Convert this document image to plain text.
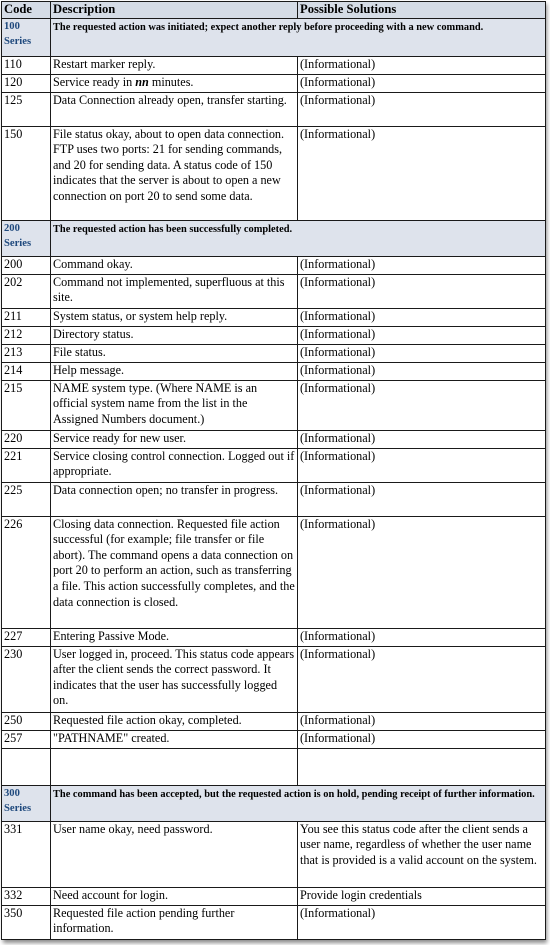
Code	Description	Possible Solutions
100
Series	The requested action was initiated; expect another reply before proceeding with a new command.	
110	Restart marker reply.	(Informational)
120	Service ready in nn minutes.	(Informational)
125	Data Connection already open, transfer starting.	(Informational)
150	File status okay, about to open data connection. FTP uses two ports: 21 for sending commands, and 20 for sending data. A status code of 150 indicates that the server is about to open a new connection on port 20 to send some data.	(Informational)
200
Series	The requested action has been successfully completed.	
200	Command okay.	(Informational)
202	Command not implemented, superfluous at this site.	(Informational)
211	System status, or system help reply.	(Informational)
212	Directory status.	(Informational)
213	File status.	(Informational)
214	Help message.	(Informational)
215	NAME system type. (Where NAME is an official system name from the list in the Assigned Numbers document.)	(Informational)
220	Service ready for new user.	(Informational)
221	Service closing control connection. Logged out if appropriate.	(Informational)
225	Data connection open; no transfer in progress.	(Informational)
226	Closing data connection. Requested file action successful (for example; file transfer or file abort). The command opens a data connection on port 20 to perform an action, such as transferring a file. This action successfully completes, and the data connection is closed.	(Informational)
227	Entering Passive Mode.	(Informational)
230	User logged in, proceed. This status code appears after the client sends the correct password. It indicates that the user has successfully logged on.	(Informational)
250	Requested file action okay, completed.	(Informational)
257	"PATHNAME" created.	(Informational)

300
Series	The command has been accepted, but the requested action is on hold, pending receipt of further information.	
331	User name okay, need password.	You see this status code after the client sends a user name, regardless of whether the user name that is provided is a valid account on the system.
332	Need account for login.	Provide login credentials
350	Requested file action pending further information.	(Informational)
